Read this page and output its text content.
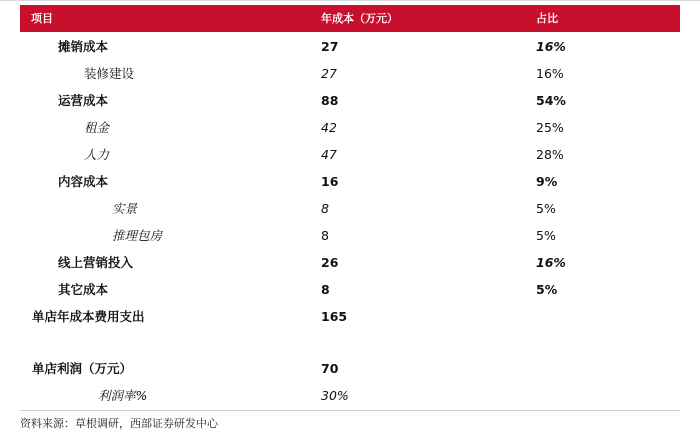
项目	年成本（万元）	占比
摊销成本	27	16%
装修建设	27	16%
运营成本	88	54%
租金	42	25%
人力	47	28%
内容成本	16	9%
实景	8	5%
推理包房	8	5%
线上营销投入	26	16%
其它成本	8	5%
单店年成本费用支出	165
单店利润（万元）	70
利润率%	30%
资料来源：草根调研，西部证券研发中心
